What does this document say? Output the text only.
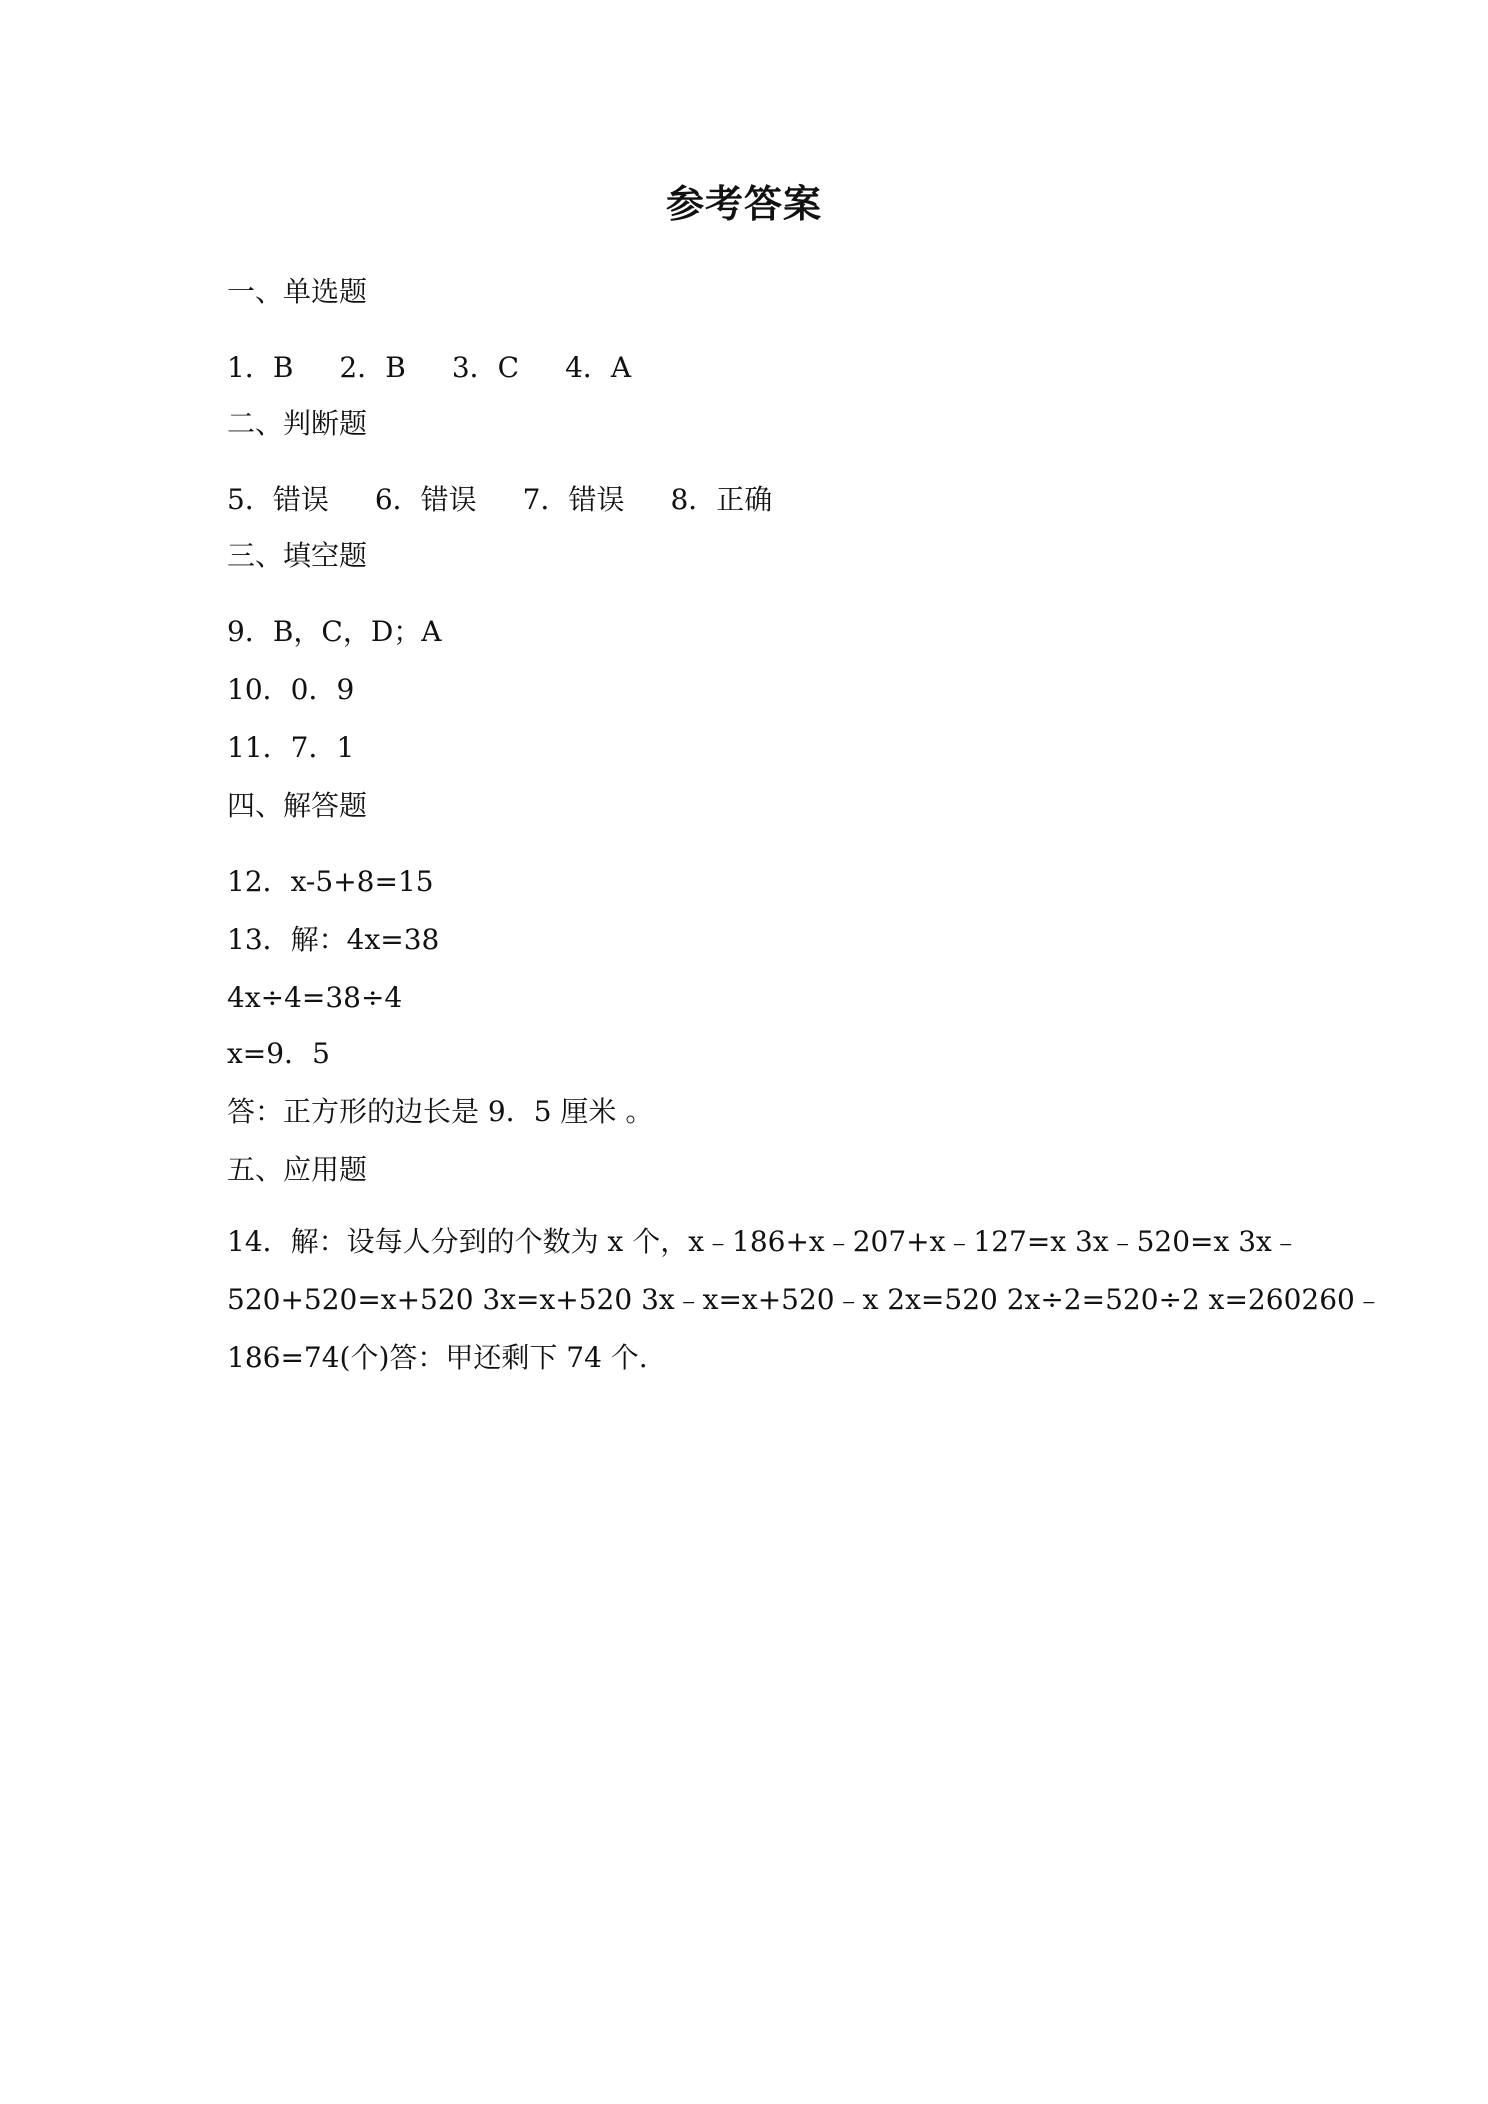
参考答案
一、单选题
1．B 2．B 3．C 4．A
二、判断题
5．错误 6．错误 7．错误 8．正确
三、填空题
9．B，C，D；A
10．0．9
11．7．1
四、解答题
12．x-5+8=15
13．解：4x=38
4x÷4=38÷4
x=9．5
答：正方形的边长是 9．5 厘米 。
五、应用题
14．解：设每人分到的个数为 x 个，x﹣186+x﹣207+x﹣127=x 3x﹣520=x 3x﹣
520+520=x+520 3x=x+520 3x﹣x=x+520﹣x 2x=520 2x÷2=520÷2 x=260260﹣
186=74(个)答：甲还剩下 74 个.
